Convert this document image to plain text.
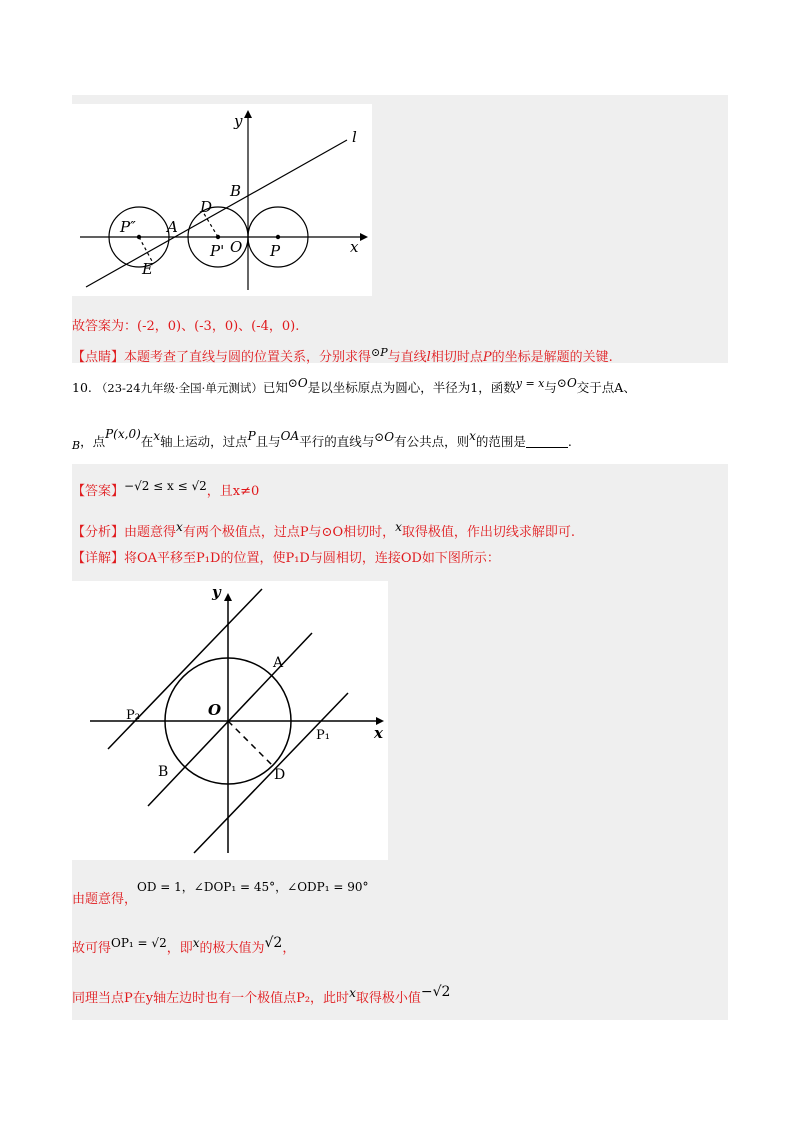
y
x
l
B
D
A
P″
P' O P
E
故答案为：(-2，0)、(-3，0)、(-4，0).
【点睛】本题考查了直线与圆的位置关系，分别求得$^{⊙P}$与直线l相切时点P的坐标是解题的关键.
10. （23-24九年级·全国·单元测试）已知⊙O是以坐标原点为圆心，半径为1，函数y = x与⊙O交于点A、
B，点P(x,0)在x轴上运动，过点P且与OA平行的直线与⊙O有公共点，则x的范围是	.
【答案】−√2 ≤ x ≤ √2，且x≠0
【分析】由题意得x有两个极值点，过点P与⊙O相切时，x取得极值，作出切线求解即可.
【详解】将OA平移至P₁D的位置，使P₁D与圆相切，连接OD如下图所示：
y
x
O
A
B	D
P₁
P₂
由题意得，OD = 1，∠DOP₁ = 45°，∠ODP₁ = 90°
故可得OP₁ = √2，即x的极大值为√2，
同理当点P在y轴左边时也有一个极值点P₂，此时x取得极小值−√2
